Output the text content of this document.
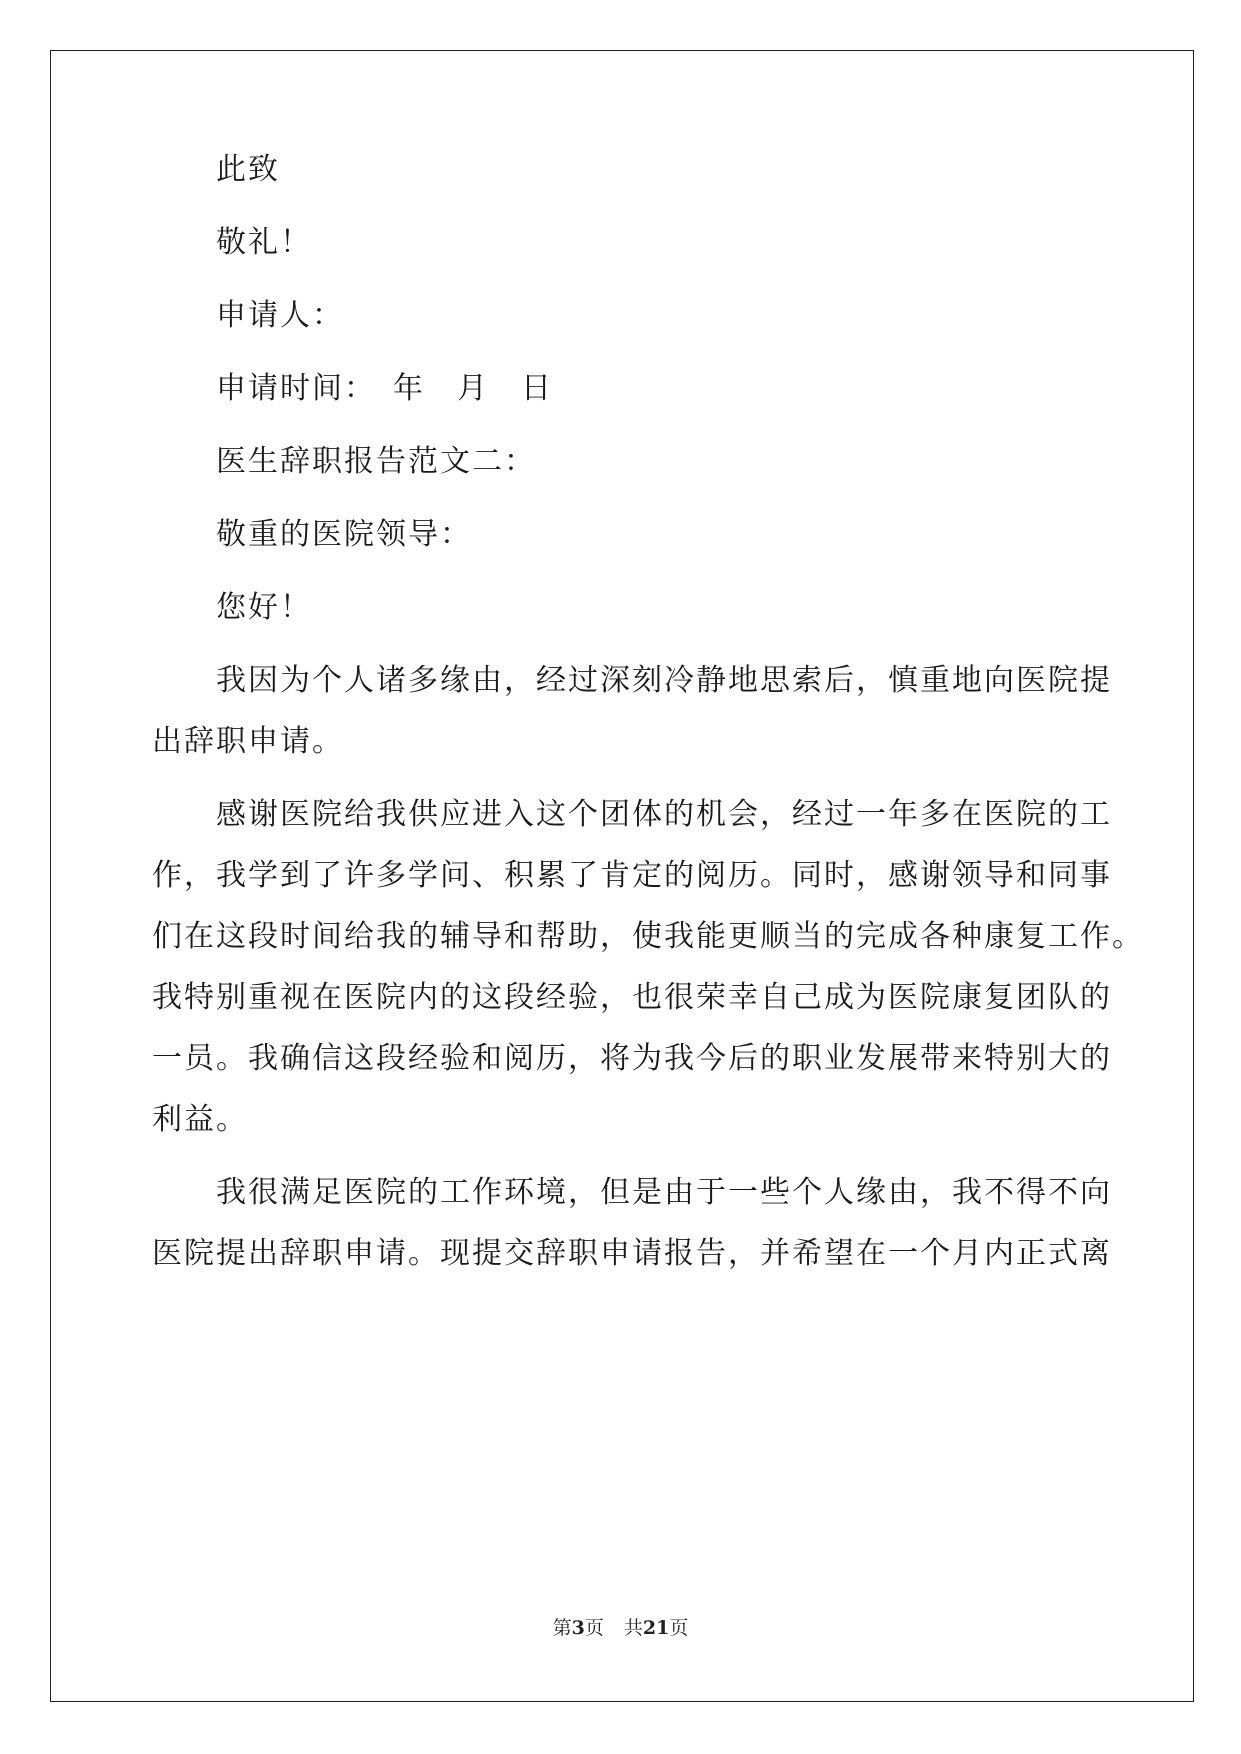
此致
敬礼！
申请人：
申请时间：　年　月　日
医生辞职报告范文二：
敬重的医院领导：
您好！
我因为个人诸多缘由，经过深刻冷静地思索后，慎重地向医院提
出辞职申请。
感谢医院给我供应进入这个团体的机会，经过一年多在医院的工
作，我学到了许多学问、积累了肯定的阅历。同时，感谢领导和同事
们在这段时间给我的辅导和帮助，使我能更顺当的完成各种康复工作。
我特别重视在医院内的这段经验，也很荣幸自己成为医院康复团队的
一员。我确信这段经验和阅历，将为我今后的职业发展带来特别大的
利益。
我很满足医院的工作环境，但是由于一些个人缘由，我不得不向
医院提出辞职申请。现提交辞职申请报告，并希望在一个月内正式离
第3页 共21页
